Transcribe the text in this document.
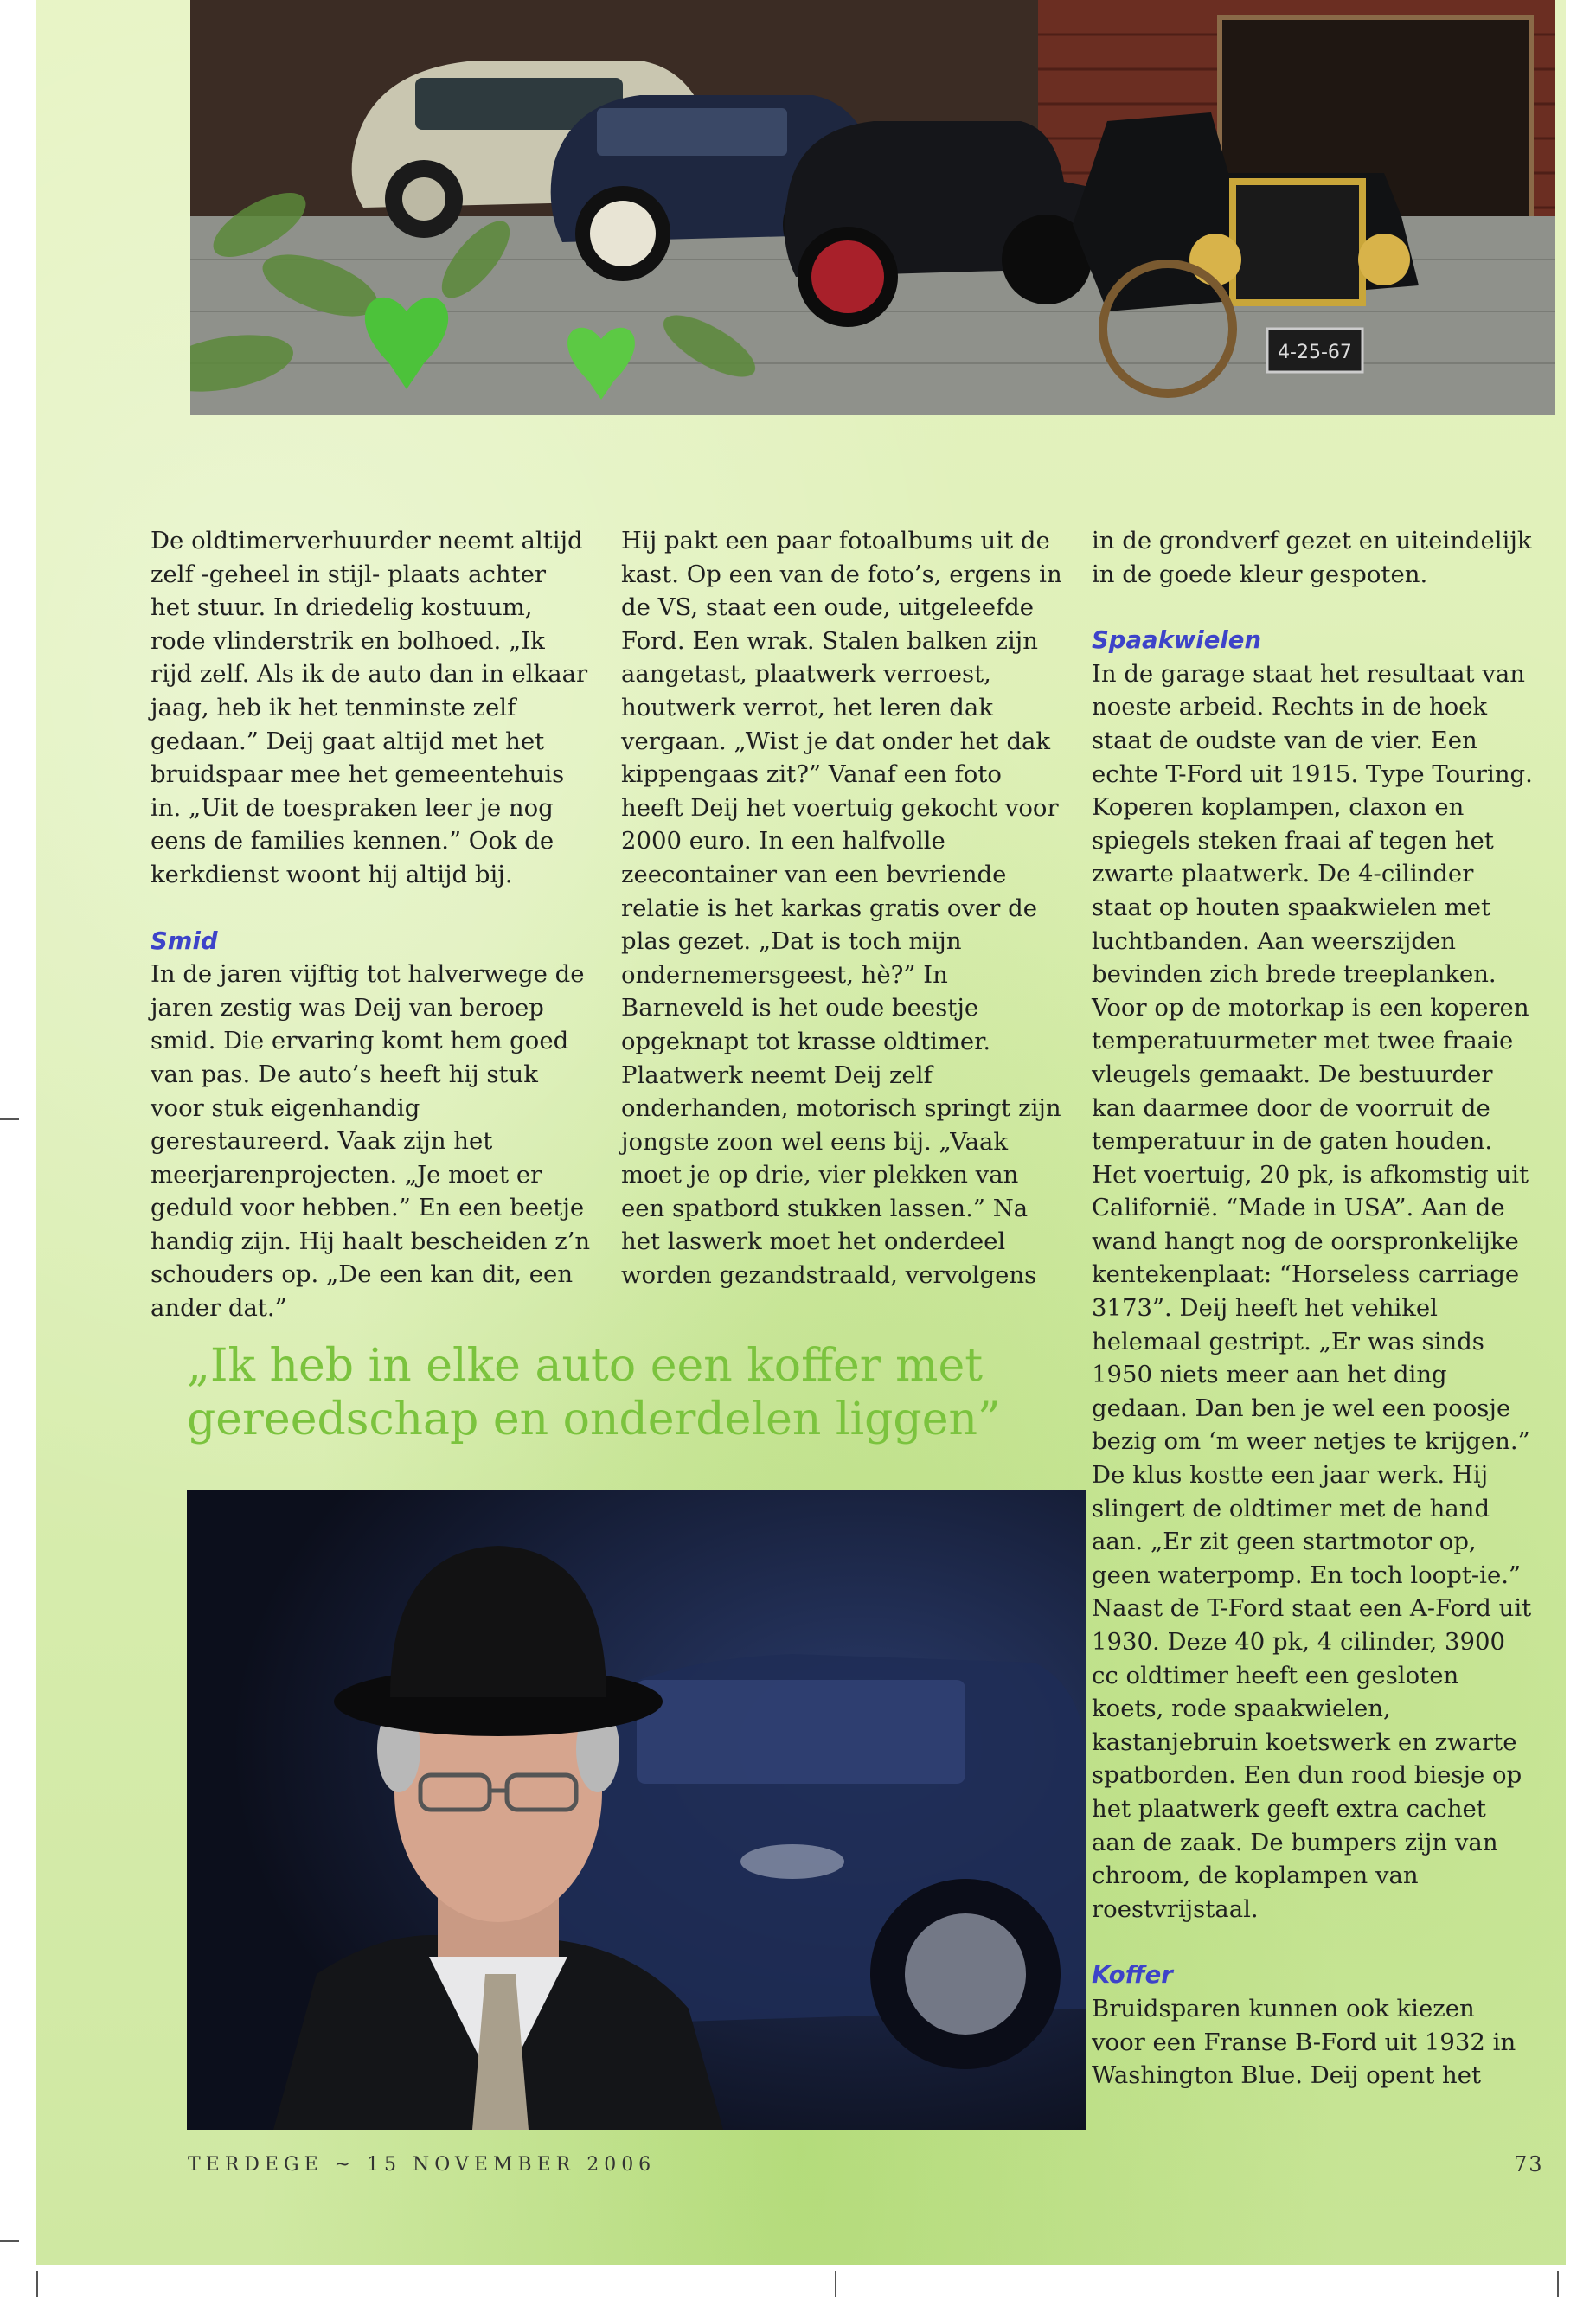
4-25-67

De oldtimerverhuurder neemt altijd zelf -geheel in stijl- plaats achter het stuur. In driedelig kostuum, rode vlinderstrik en bolhoed. „Ik rijd zelf. Als ik de auto dan in elkaar jaag, heb ik het tenminste zelf gedaan.” Deij gaat altijd met het bruidspaar mee het gemeentehuis in. „Uit de toespraken leer je nog eens de families kennen.” Ook de kerkdienst woont hij altijd bij.

Smid

In de jaren vijftig tot halverwege de jaren zestig was Deij van beroep smid. Die ervaring komt hem goed van pas. De auto’s heeft hij stuk voor stuk eigenhandig gerestaureerd. Vaak zijn het meerjarenprojecten. „Je moet er geduld voor hebben.” En een beetje handig zijn. Hij haalt bescheiden z’n schouders op. „De een kan dit, een ander dat.”

Hij pakt een paar fotoalbums uit de kast. Op een van de foto’s, ergens in de VS, staat een oude, uitgeleefde Ford. Een wrak. Stalen balken zijn aangetast, plaatwerk verroest, houtwerk verrot, het leren dak vergaan. „Wist je dat onder het dak kippengaas zit?” Vanaf een foto heeft Deij het voertuig gekocht voor 2000 euro. In een halfvolle zeecontainer van een bevriende relatie is het karkas gratis over de plas gezet. „Dat is toch mijn ondernemersgeest, hè?” In Barneveld is het oude beestje opgeknapt tot krasse oldtimer.

Plaatwerk neemt Deij zelf onderhanden, motorisch springt zijn jongste zoon wel eens bij. „Vaak moet je op drie, vier plekken van een spatbord stukken lassen.” Na het laswerk moet het onderdeel worden gezandstraald, vervolgens

in de grondverf gezet en uiteindelijk in de goede kleur gespoten.

Spaakwielen

In de garage staat het resultaat van noeste arbeid. Rechts in de hoek staat de oudste van de vier. Een echte T-Ford uit 1915. Type Touring. Koperen koplampen, claxon en spiegels steken fraai af tegen het zwarte plaatwerk. De 4-cilinder staat op houten spaakwielen met luchtbanden. Aan weerszijden bevinden zich brede treeplanken. Voor op de motorkap is een koperen temperatuurmeter met twee fraaie vleugels gemaakt. De bestuurder kan daarmee door de voorruit de temperatuur in de gaten houden.

Het voertuig, 20 pk, is afkomstig uit Californië. “Made in USA”. Aan de wand hangt nog de oorspronkelijke kentekenplaat: “Horseless carriage 3173”. Deij heeft het vehikel helemaal gestript. „Er was sinds 1950 niets meer aan het ding gedaan. Dan ben je wel een poosje bezig om ‘m weer netjes te krijgen.” De klus kostte een jaar werk. Hij slingert de oldtimer met de hand aan. „Er zit geen startmotor op, geen waterpomp. En toch loopt-ie.”

Naast de T-Ford staat een A-Ford uit 1930. Deze 40 pk, 4 cilinder, 3900 cc oldtimer heeft een gesloten koets, rode spaakwielen, kastanjebruin koetswerk en zwarte spatborden. Een dun rood biesje op het plaatwerk geeft extra cachet aan de zaak. De bumpers zijn van chroom, de koplampen van roestvrijstaal.

Koffer

Bruidsparen kunnen ook kiezen voor een Franse B-Ford uit 1932 in Washington Blue. Deij opent het

„Ik heb in elke auto een koffer met gereedschap en onderdelen liggen”
TERDEGE ~ 15 NOVEMBER 2006	73
